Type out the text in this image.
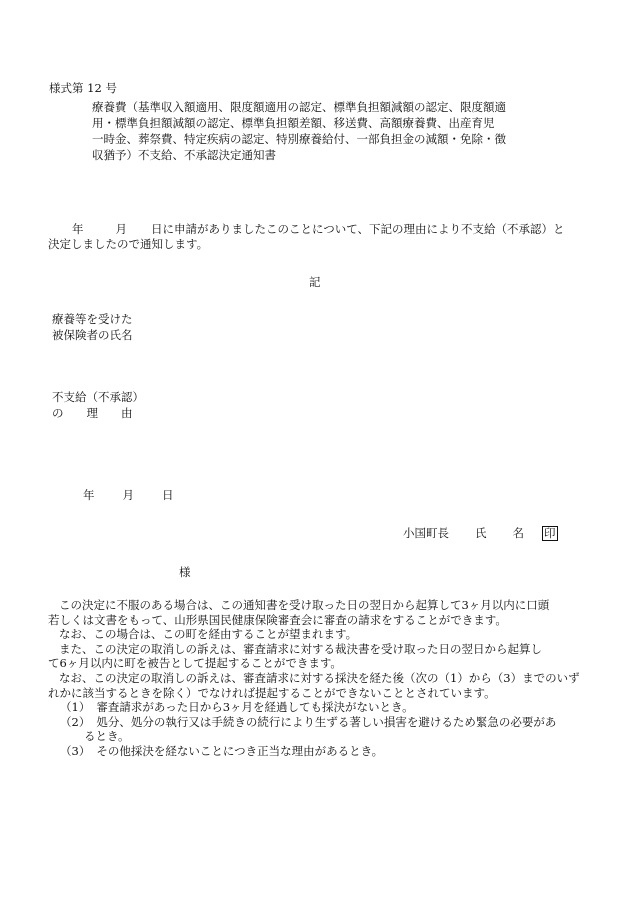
様式第 12 号
療養費（基準収入額適用、限度額適用の認定、標準負担額減額の認定、限度額適
用・標準負担額減額の認定、標準負担額差額、移送費、高額療養費、出産育児
一時金、葬祭費、特定疾病の認定、特別療養給付、一部負担金の減額・免除・徴
収猶予）不支給、不承認決定通知書
年	月 日に申請がありましたこのことについて、下記の理由により不支給（不承認）と
決定しましたので通知します。
記
療養等を受けた
被保険者の氏名
不支給（不承認）
の　　理　　由
年 月 日
小国町長 氏 名 印
様
この決定に不服のある場合は、この通知書を受け取った日の翌日から起算して3ヶ月以内に口頭
若しくは文書をもって、山形県国民健康保険審査会に審査の請求をすることができます。
なお、この場合は、この町を経由することが望まれます。
また、この決定の取消しの訴えは、審査請求に対する裁決書を受け取った日の翌日から起算し
て6ヶ月以内に町を被告として提起することができます。
なお、この決定の取消しの訴えは、審査請求に対する採決を経た後（次の（1）から（3）までのいず
れかに該当するときを除く）でなければ提起することができないこととされています。
（1） 審査請求があった日から3ヶ月を経過しても採決がないとき。
（2） 処分、処分の執行又は手続きの続行により生ずる著しい損害を避けるため緊急の必要があ
るとき。
（3） その他採決を経ないことにつき正当な理由があるとき。
